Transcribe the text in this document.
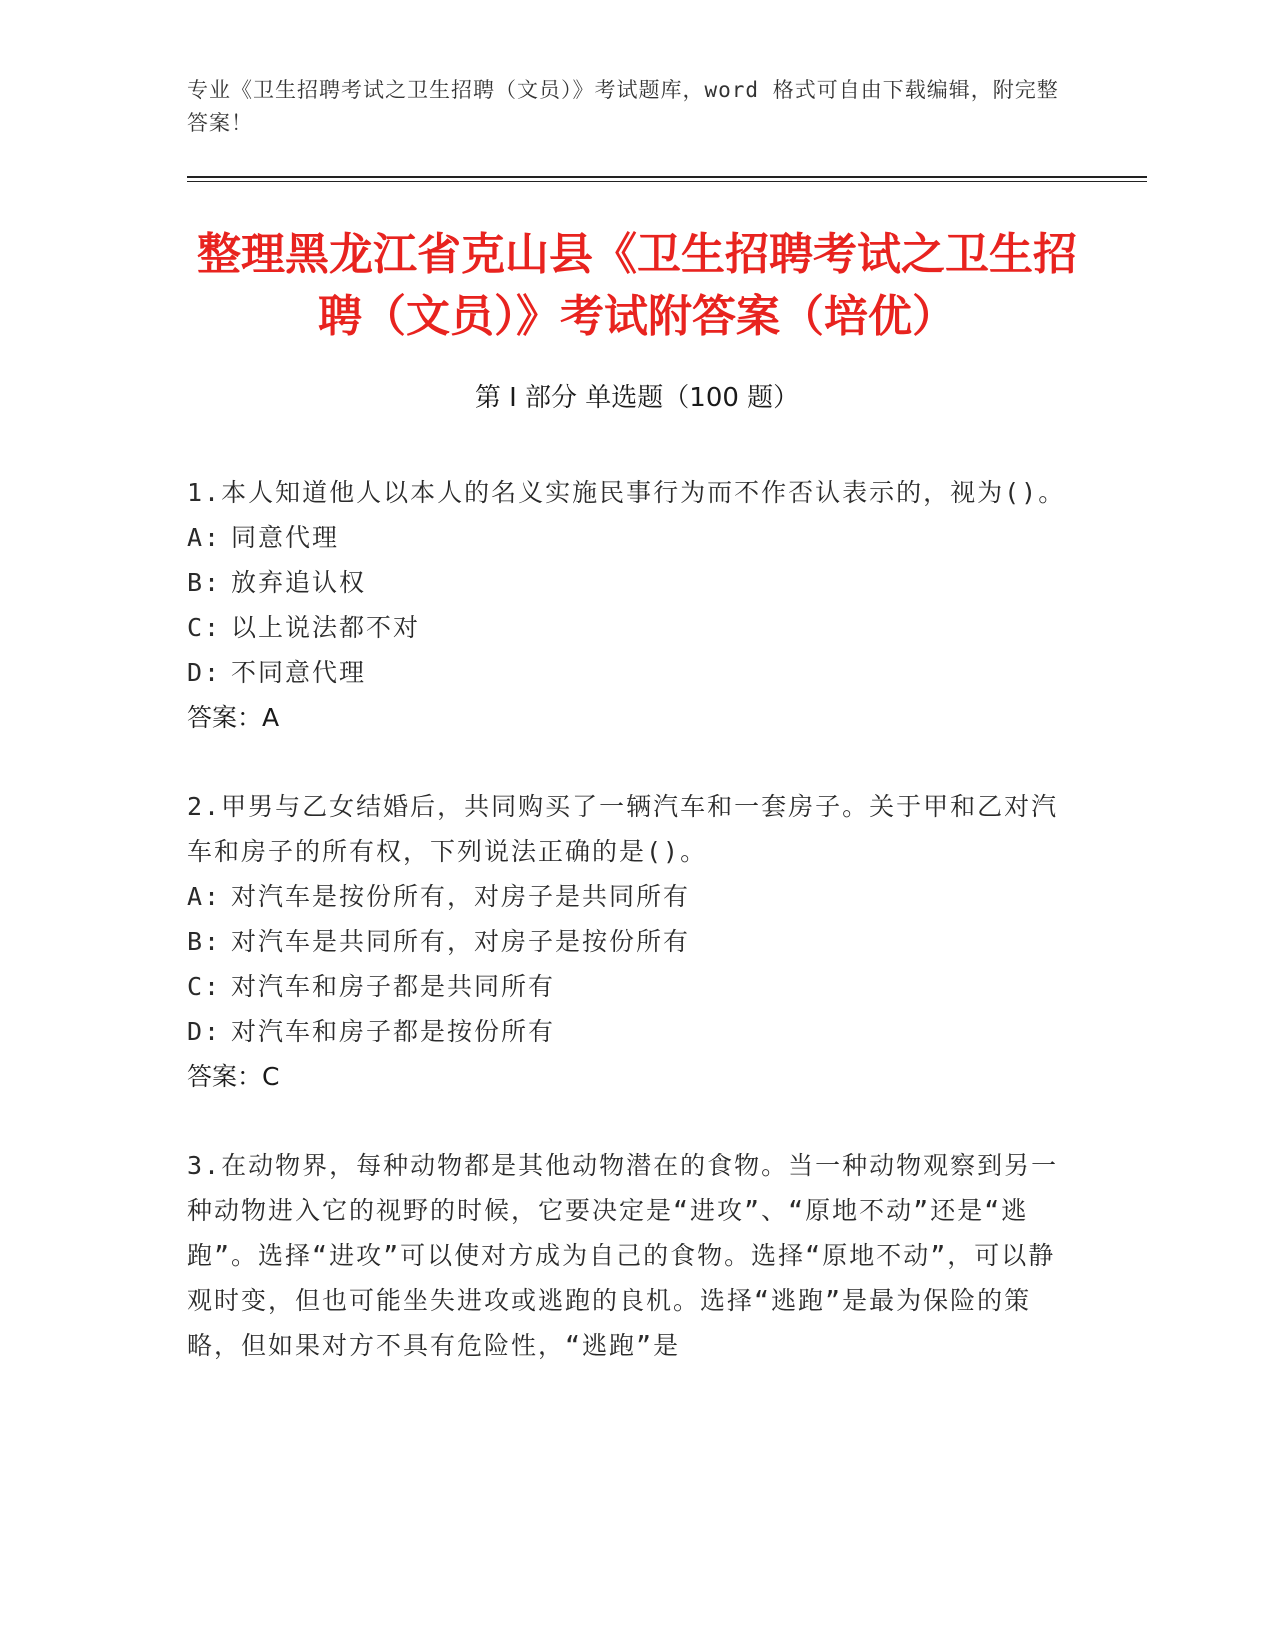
专业《卫生招聘考试之卫生招聘（文员）》考试题库，word 格式可自由下载编辑，附完整答案！
整理黑龙江省克山县《卫生招聘考试之卫生招聘（文员）》考试附答案（培优）
第 I 部分 单选题（100 题）
1.本人知道他人以本人的名义实施民事行为而不作否认表示的，视为()。
A: 同意代理
B: 放弃追认权
C: 以上说法都不对
D: 不同意代理
答案：A
2.甲男与乙女结婚后，共同购买了一辆汽车和一套房子。关于甲和乙对汽车和房子的所有权，下列说法正确的是()。
A: 对汽车是按份所有，对房子是共同所有
B: 对汽车是共同所有，对房子是按份所有
C: 对汽车和房子都是共同所有
D: 对汽车和房子都是按份所有
答案：C
3.在动物界，每种动物都是其他动物潜在的食物。当一种动物观察到另一种动物进入它的视野的时候，它要决定是“进攻”、“原地不动”还是“逃跑”。选择“进攻”可以使对方成为自己的食物。选择“原地不动”，可以静观时变，但也可能坐失进攻或逃跑的良机。选择“逃跑”是最为保险的策略，但如果对方不具有危险性，“逃跑”是
